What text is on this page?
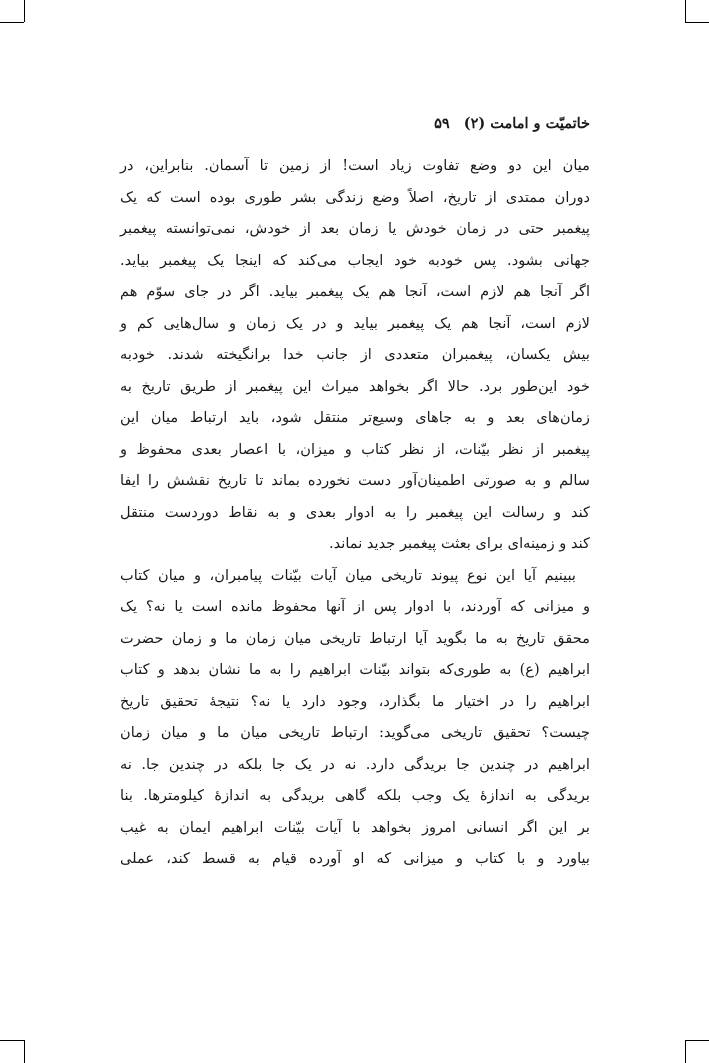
خاتمیّت و امامت (۲)
۵۹
میان این دو وضع تفاوت زیاد است! از زمین تا آسمان. بنابراین، در
دوران ممتدی از تاریخ، اصلاً وضع زندگی بشر طوری بوده است که یک
پیغمبر حتی در زمان خودش یا زمان بعد از خودش، نمی‌توانسته پیغمبر
جهانی بشود. پس خودبه خود ایجاب می‌کند که اینجا یک پیغمبر بیاید.
اگر آنجا هم لازم است، آنجا هم یک پیغمبر بیاید. اگر در جای سوّم هم
لازم است، آنجا هم یک پیغمبر بیاید و در یک زمان و سال‌هایی کم و
بیش یکسان، پیغمبران متعددی از جانب خدا برانگیخته شدند. خودبه
خود این‌طور برد. حالا اگر بخواهد میراث این پیغمبر از طریق تاریخ به
زمان‌های بعد و به جاهای وسیع‌تر منتقل شود، باید ارتباط میان این
پیغمبر از نظر بیّنات، از نظر کتاب و میزان، با اعصار بعدی محفوظ و
سالم و به صورتی اطمینان‌آور دست نخورده بماند تا تاریخ نقشش را ایفا
کند و رسالت این پیغمبر را به ادوار بعدی و به نقاط دوردست منتقل
کند و زمینه‌ای برای بعثت پیغمبر جدید نماند.
ببینیم آیا این نوع پیوند تاریخی میان آیات بیّنات پیامبران، و میان کتاب
و میزانی که آوردند، با ادوار پس از آنها محفوظ مانده است یا نه؟ یک
محقق تاریخ به ما بگوید آیا ارتباط تاریخی میان زمان ما و زمان حضرت
ابراهیم (ع) به طوری‌که بتواند بیّنات ابراهیم را به ما نشان بدهد و کتاب
ابراهیم را در اختیار ما بگذارد، وجود دارد یا نه؟ نتیجهٔ تحقیق تاریخ
چیست؟ تحقیق تاریخی می‌گوید: ارتباط تاریخی میان ما و میان زمان
ابراهیم در چندین جا بریدگی دارد. نه در یک جا بلکه در چندین جا. نه
بریدگی به اندازهٔ یک وجب بلکه گاهی بریدگی به اندازهٔ کیلومترها. بنا
بر این اگر انسانی امروز بخواهد با آیات بیّنات ابراهیم ایمان به غیب
بیاورد و با کتاب و میزانی که او آورده قیام به قسط کند، عملی
